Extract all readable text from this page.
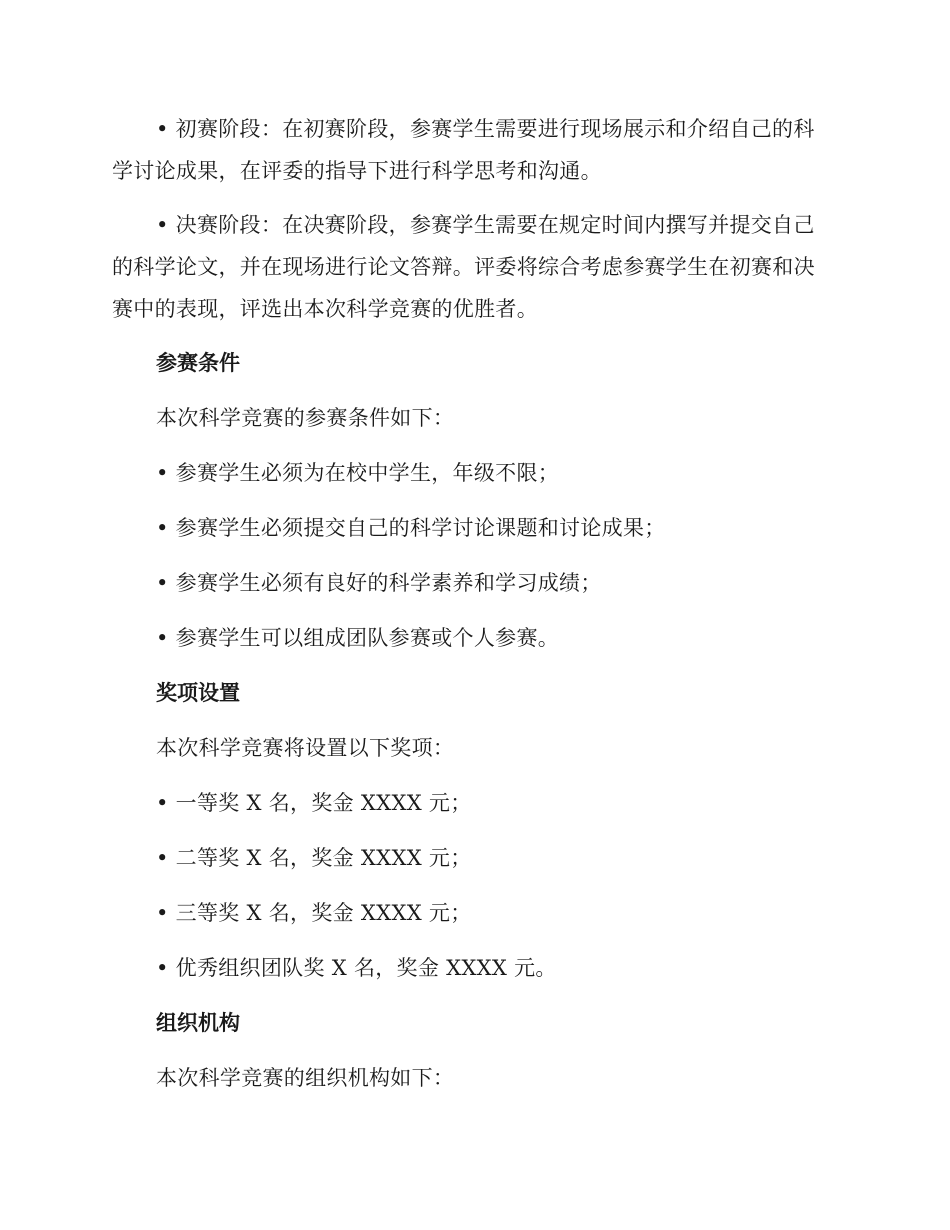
• 初赛阶段：在初赛阶段，参赛学生需要进行现场展示和介绍自己的科学讨论成果，在评委的指导下进行科学思考和沟通。

• 决赛阶段：在决赛阶段，参赛学生需要在规定时间内撰写并提交自己的科学论文，并在现场进行论文答辩。评委将综合考虑参赛学生在初赛和决赛中的表现，评选出本次科学竞赛的优胜者。

参赛条件

本次科学竞赛的参赛条件如下：

• 参赛学生必须为在校中学生，年级不限；

• 参赛学生必须提交自己的科学讨论课题和讨论成果；

• 参赛学生必须有良好的科学素养和学习成绩；

• 参赛学生可以组成团队参赛或个人参赛。

奖项设置

本次科学竞赛将设置以下奖项：

• 一等奖 X 名，奖金 XXXX 元；

• 二等奖 X 名，奖金 XXXX 元；

• 三等奖 X 名，奖金 XXXX 元；

• 优秀组织团队奖 X 名，奖金 XXXX 元。

组织机构

本次科学竞赛的组织机构如下：
